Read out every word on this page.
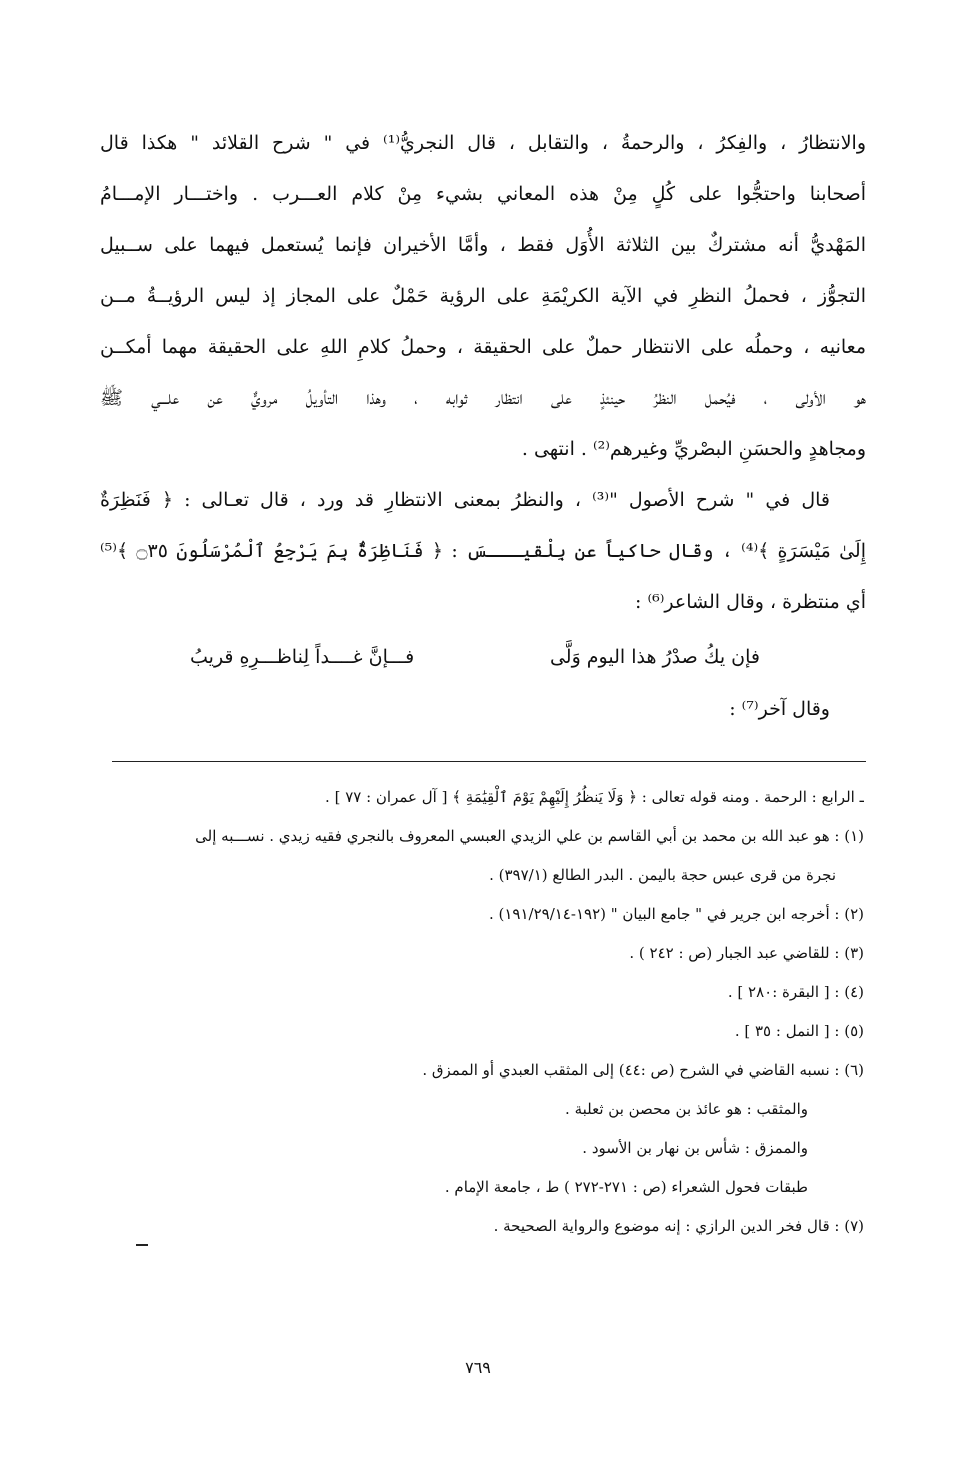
والانتظارُ ، والفِكرُ ، والرحمةُ ، والتقابل ، قال النجريُّ⁽¹⁾ في " شرح القلائد " هكذا قال
أصحابنا واحتجُّوا على كُلٍ مِنْ هذه المعاني بشيء مِنْ كلام العـــرب . واختـــار الإمـــامُ
المَهْديُّ أنه مشتركٌ بين الثلاثة الأُوَل فقط ، وأمَّا الأخيران فإنما يُستعمل فيهما على ســبيل
التجوُّز ، فحملُ النظرِ في الآية الكريْمَةِ على الرؤية حَمْلٌ على المجاز إذ ليس الرؤيــةُ مــن
معانيه ، وحملُه على الانتظار حملٌ على الحقيقة ، وحملُ كلامِ اللهِ على الحقيقة مهما أمكــن
هو الأولى ، فيُحمل النظرُ حينئذٍ على انتظار ثوابه ، وهذا التأويلُ مرويٌّ عن علـــي ﷺ
ومجاهدٍ والحسَنِ البصْريِّ وغيرهم⁽²⁾ . انتهى .
قال في " شرح الأصول "⁽³⁾ ، والنظرُ بمعنى الانتظارِ قد ورد ، قال تعـالى : ﴿ فَنَظِرَةٌ
إِلَىٰ مَيْسَرَةٍ ﴾⁽⁴⁾ ، وقال حاكياً عن بِلْقيـــسَ : ﴿ فَنَاظِرَةٌۢ بِمَ يَرْجِعُ ٱلْمُرْسَلُونَ ۝٣٥ ﴾⁽⁵⁾
أي منتظرة ، وقال الشاعر⁽⁶⁾ :
فإن يكُ صدْرُ هذا اليوم وَلَّى
فـــإنَّ غــــداً لِناظـــرِهِ قريبُ
وقال آخر⁽⁷⁾ :
ـ الرابع : الرحمة . ومنه قوله تعالى : ﴿ وَلَا يَنظُرُ إِلَيْهِمْ يَوْمَ ٱلْقِيَٰمَةِ ﴾ [ آل عمران : ٧٧ ] .
(١) : هو عبد الله بن محمد بن أبي القاسم بن علي الزيدي العبسي المعروف بالنجري فقيه زيدي . نســـبه إلى
نجرة من قرى عبس حجة باليمن . البدر الطالع (٣٩٧/١) .
(٢) : أخرجه ابن جرير في " جامع البيان " (١٩٢-١٩١/٢٩/١٤) .
(٣) : للقاضي عبد الجبار (ص : ٢٤٢ ) .
(٤) : [ البقرة :٢٨٠ ] .
(٥) : [ النمل : ٣٥ ] .
(٦) : نسبه القاضي في الشرح (ص :٤٤) إلى المثقب العبدي أو الممزق .
والمثقب : هو عائذ بن محصن بن ثعلبة .
والممزق : شأس بن نهار بن الأسود .
طبقات فحول الشعراء (ص : ٢٧١-٢٧٢ ) ط ، جامعة الإمام .
(٧) : قال فخر الدين الرازي : إنه موضوع والرواية الصحيحة .
٧٦٩
